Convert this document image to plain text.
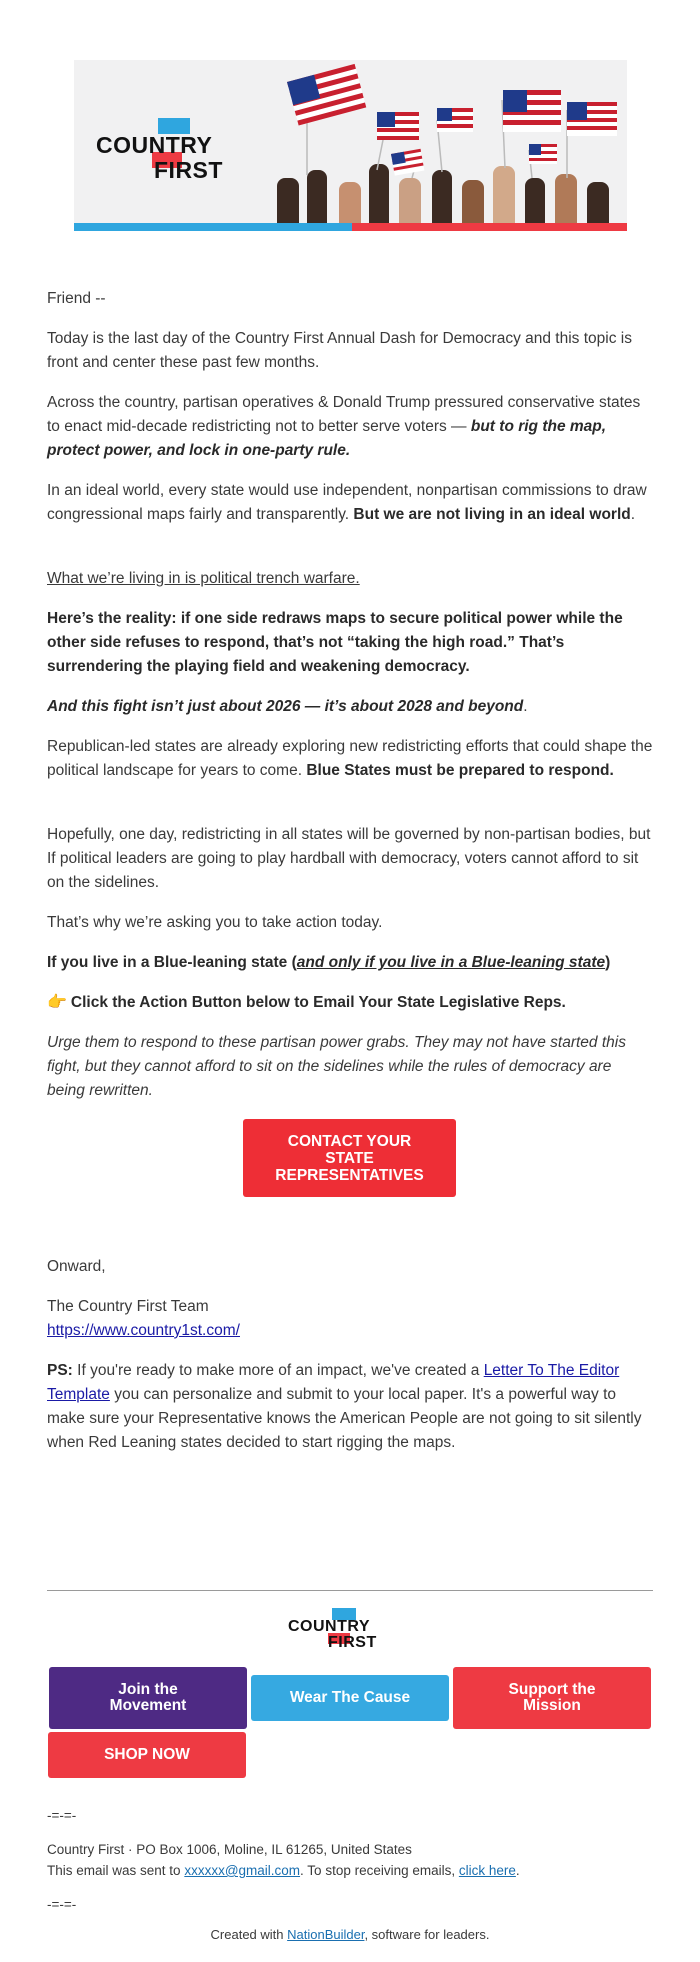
COUNTRY
FIRST
Friend --
Today is the last day of the Country First Annual Dash for Democracy and this topic is front and center these past few months.
Across the country, partisan operatives & Donald Trump pressured conservative states to enact mid-decade redistricting not to better serve voters — but to rig the map, protect power, and lock in one-party rule.
In an ideal world, every state would use independent, nonpartisan commissions to draw congressional maps fairly and transparently. But we are not living in an ideal world.
What we’re living in is political trench warfare.
Here’s the reality: if one side redraws maps to secure political power while the other side refuses to respond, that’s not “taking the high road.” That’s surrendering the playing field and weakening democracy.
And this fight isn’t just about 2026 — it’s about 2028 and beyond.
Republican-led states are already exploring new redistricting efforts that could shape the political landscape for years to come. Blue States must be prepared to respond.
Hopefully, one day, redistricting in all states will be governed by non-partisan bodies, but If political leaders are going to play hardball with democracy, voters cannot afford to sit on the sidelines.
That’s why we’re asking you to take action today.
If you live in a Blue-leaning state (and only if you live in a Blue-leaning state)
👉 Click the Action Button below to Email Your State Legislative Reps.
Urge them to respond to these partisan power grabs. They may not have started this fight, but they cannot afford to sit on the sidelines while the rules of democracy are being rewritten.
CONTACT YOUR STATE REPRESENTATIVES
Onward,
The Country First Team
https://www.country1st.com/
PS: If you're ready to make more of an impact, we've created a Letter To The Editor Template you can personalize and submit to your local paper. It's a powerful way to make sure your Representative knows the American People are not going to sit silently when Red Leaning states decided to start rigging the maps.
COUNTRY
FIRST
Join the Movement	Wear The Cause	Support the Mission
SHOP NOW
-=-=-
Country First · PO Box 1006, Moline, IL 61265, United States
This email was sent to xxxxxx@gmail.com. To stop receiving emails, click here.
-=-=-
Created with NationBuilder, software for leaders.
